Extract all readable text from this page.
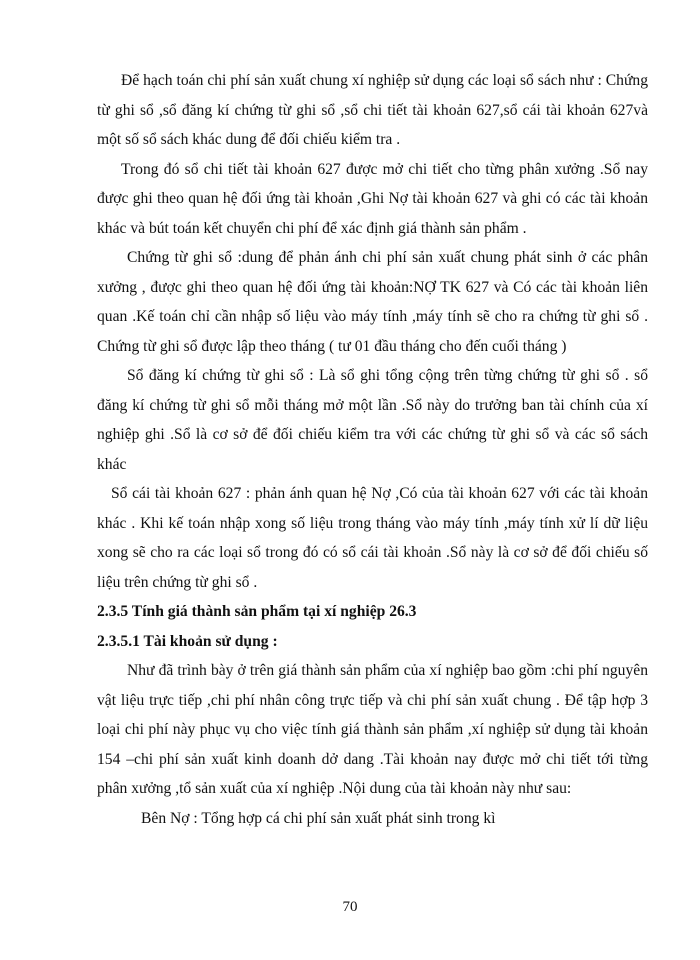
Để hạch toán chi phí sản xuất chung xí nghiệp sử dụng các loại sổ sách như : Chứng từ ghi sổ ,sổ đăng kí chứng từ ghi sổ ,sổ chi tiết tài khoản 627,sổ cái tài khoản 627và một số sổ sách khác dung để đối chiếu kiểm tra .

Trong đó sổ chi tiết tài khoản 627 được mở chi tiết cho từng phân xưởng .Sổ nay được ghi theo quan hệ đối ứng tài khoản ,Ghi Nợ tài khoản 627 và ghi có các tài khoản khác và bút toán kết chuyển chi phí để xác định giá thành sản phẩm .

Chứng từ ghi sổ :dung để phản ánh chi phí sản xuất chung phát sinh ở các phân xưởng , được ghi theo quan hệ đối ứng tài khoản:NỢ TK 627 và Có các tài khoản liên quan .Kế toán chỉ cần nhập số liệu vào máy tính ,máy tính sẽ cho ra chứng từ ghi sổ . Chứng từ ghi sổ được lập theo tháng ( tư 01 đầu tháng cho đến cuối tháng )

Sổ đăng kí chứng từ ghi sổ : Là sổ ghi tổng cộng trên từng chứng từ ghi sổ . sổ đăng kí chứng từ ghi sổ mỗi tháng mở một lần .Sổ này do trưởng ban tài chính của xí nghiệp ghi .Sổ là cơ sở để đối chiếu kiểm tra với các chứng từ ghi sổ và các sổ sách khác

Sổ cái tài khoản 627 : phản ánh quan hệ Nợ ,Có của tài khoản 627 với các tài khoản khác . Khi kế toán nhập xong số liệu trong tháng vào máy tính ,máy tính xử lí dữ liệu xong sẽ cho ra các loại sổ trong đó có sổ cái tài khoản .Sổ này là cơ sở để đối chiếu số liệu trên chứng từ ghi sổ .

2.3.5 Tính giá thành sản phẩm tại xí nghiệp 26.3

2.3.5.1 Tài khoản sử dụng :

Như đã trình bày ở trên giá thành sản phẩm của xí nghiệp bao gồm :chi phí nguyên vật liệu trực tiếp ,chi phí nhân công trực tiếp và chi phí sản xuất chung . Để tập hợp 3 loại chi phí này phục vụ cho việc tính giá thành sản phẩm ,xí nghiệp sử dụng tài khoản 154 –chi phí sản xuất kinh doanh dở dang .Tài khoản nay được mở chi tiết tới từng phân xưởng ,tổ sản xuất của xí nghiệp .Nội dung của tài khoản này như sau:

Bên Nợ : Tổng hợp cá chi phí sản xuất phát sinh trong kì

70
